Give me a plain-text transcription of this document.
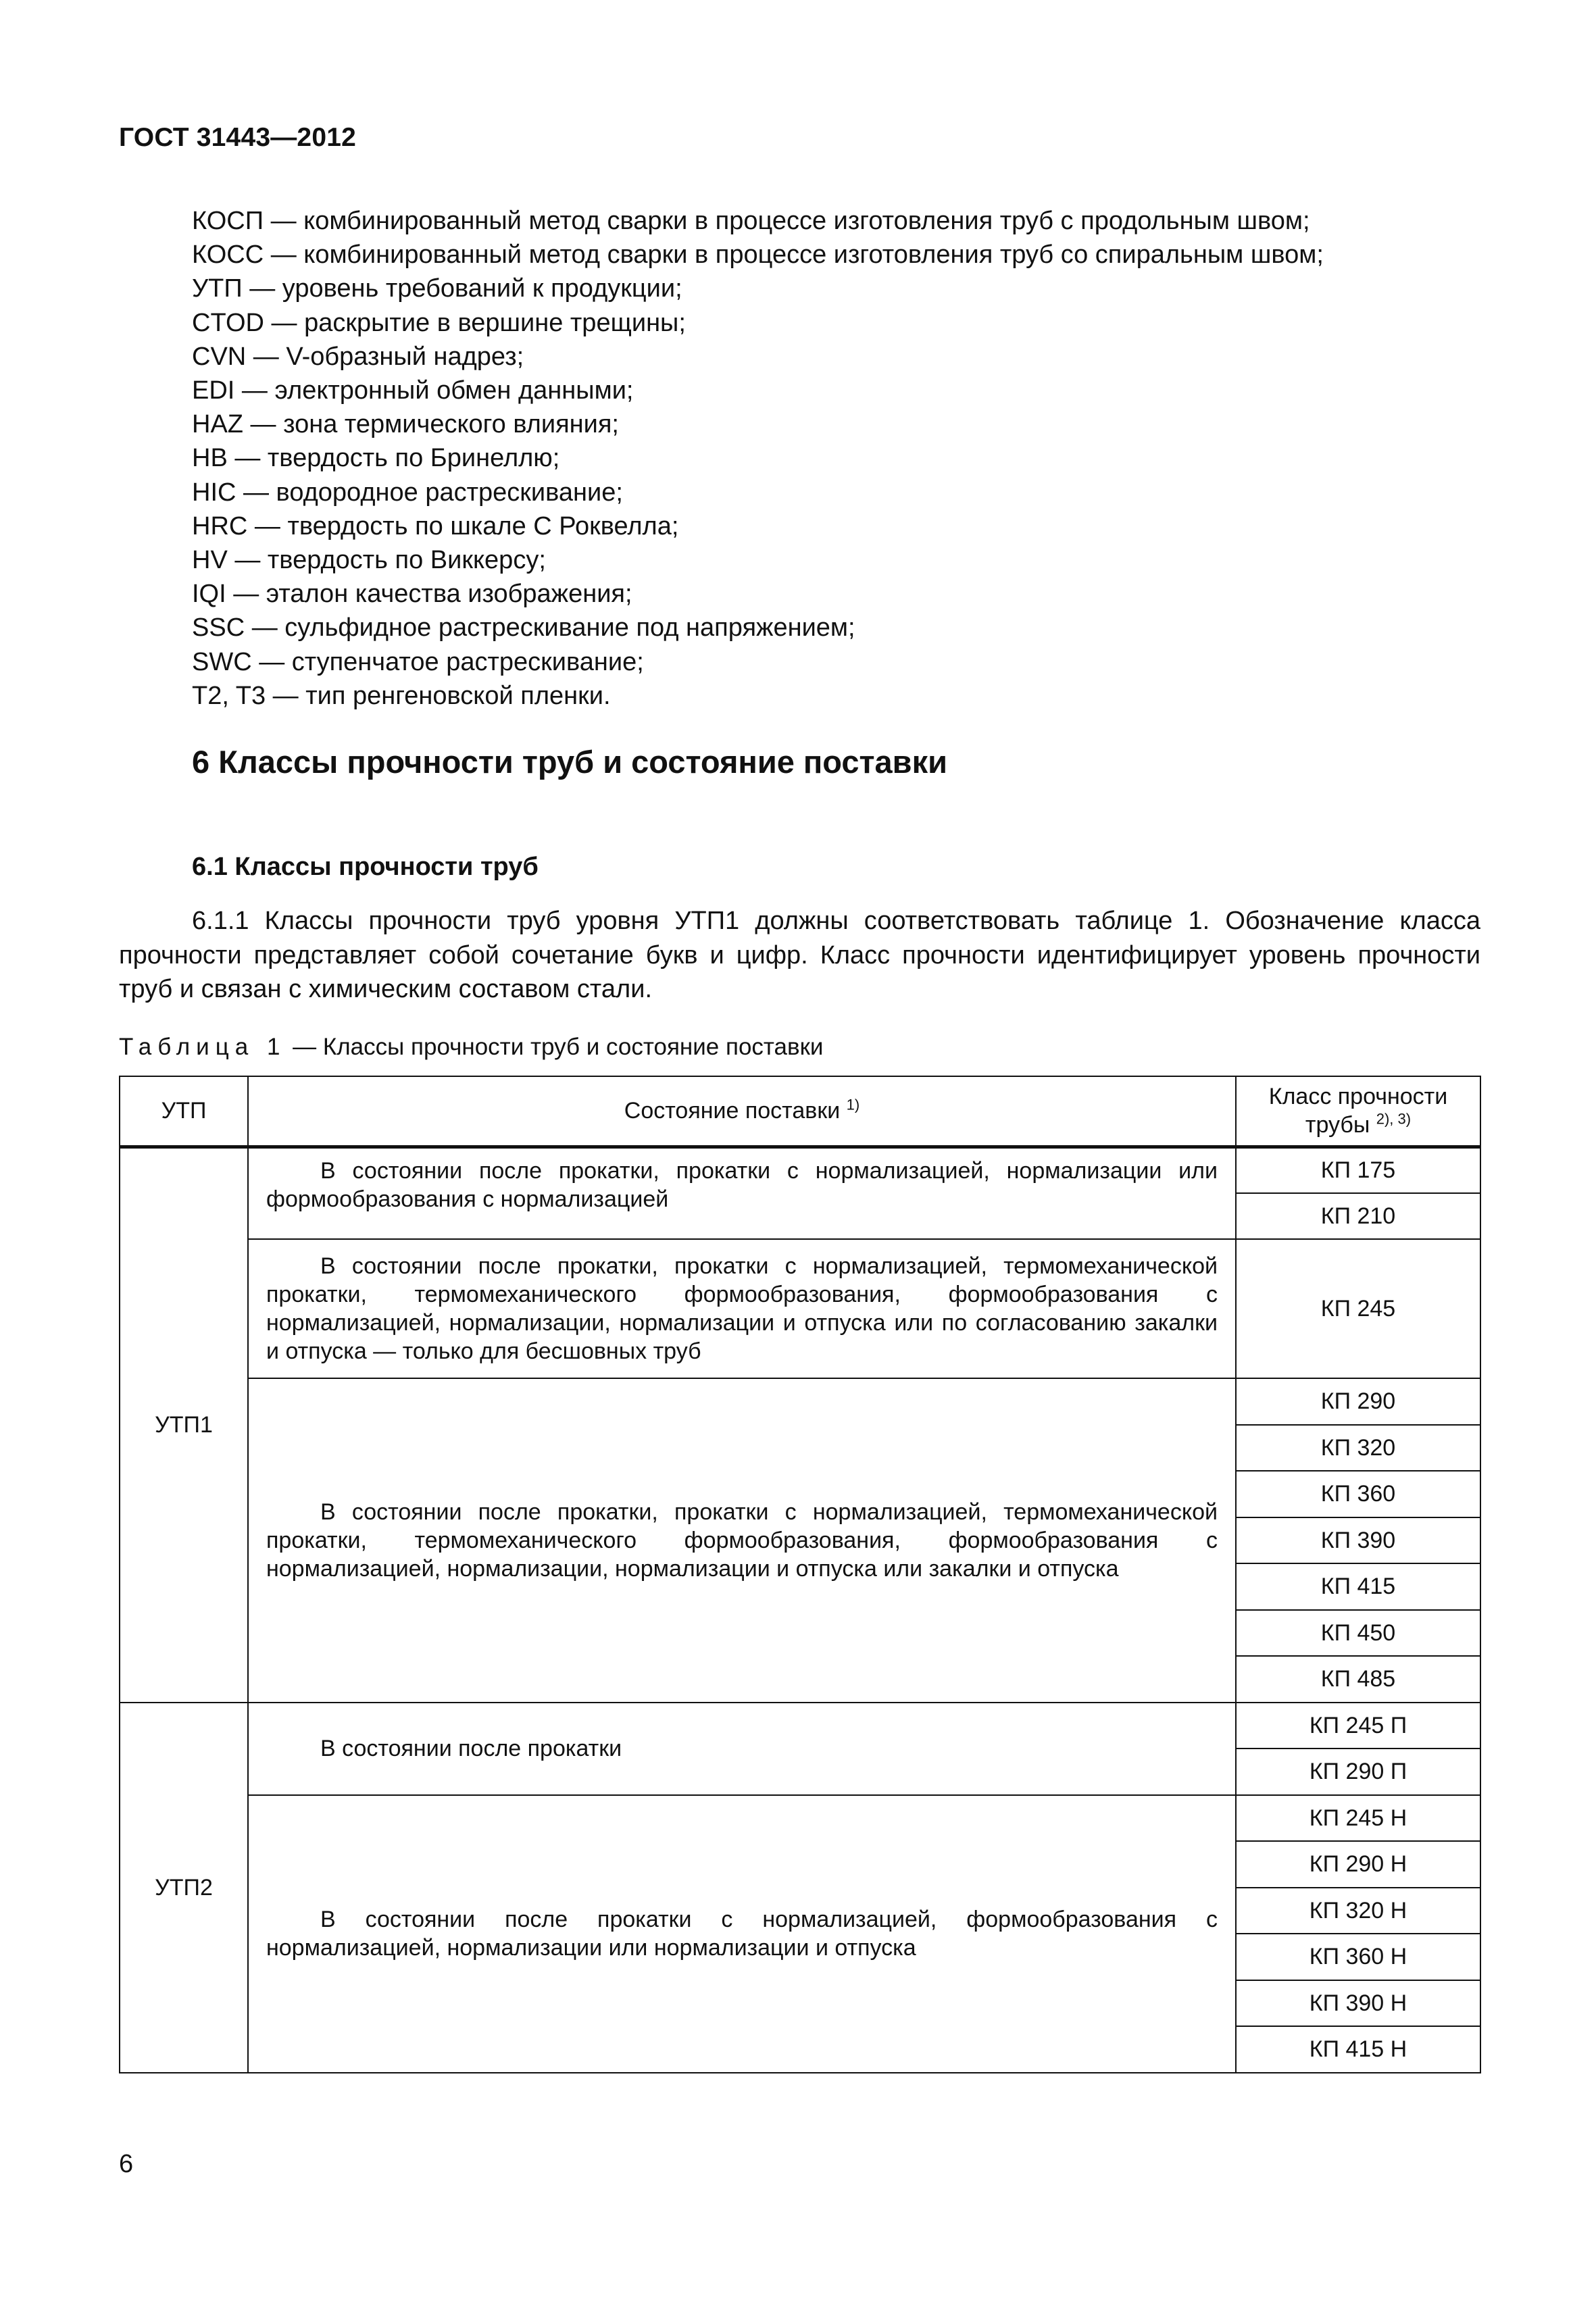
ГОСТ 31443—2012
КОСП — комбинированный метод сварки в процессе изготовления труб с продольным швом;
КОСС — комбинированный метод сварки в процессе изготовления труб со спиральным швом;
УТП — уровень требований к продукции;
CTOD — раскрытие в вершине трещины;
CVN — V-образный надрез;
EDI — электронный обмен данными;
HAZ — зона термического влияния;
HB — твердость по Бринеллю;
HIC — водородное растрескивание;
HRC — твердость по шкале С Роквелла;
HV — твердость по Виккерсу;
IQI — эталон качества изображения;
SSC — сульфидное растрескивание под напряжением;
SWC — ступенчатое растрескивание;
T2, T3 — тип ренгеновской пленки.
6 Классы прочности труб и состояние поставки
6.1 Классы прочности труб

6.1.1 Классы прочности труб уровня УТП1 должны соответствовать таблице 1. Обозначение класса прочности представляет собой сочетание букв и цифр. Класс прочности идентифицирует уровень прочности труб и связан с химическим составом стали.

Таблица 1 — Классы прочности труб и состояние поставки
УТП	Состояние поставки $^{1)}$	Класс прочности
трубы $^{2), 3)}$
УТП1	В состоянии после прокатки, прокатки с нормализацией, нормализации или формообразования с нормализацией	КП 175
		КП 210

	В состоянии после прокатки, прокатки с нормализацией, термомеханической прокатки, термомеханического формообразования, формообразования с нормализацией, нормализации, нормализации и отпуска или по согласованию закалки и отпуска — только для бесшовных труб	КП 245

	В состоянии после прокатки, прокатки с нормализацией, термомеханической прокатки, термомеханического формообразования, формообразования с нормализацией, нормализации, нормализации и отпуска или закалки и отпуска	КП 290
		КП 320
		КП 360
		КП 390
		КП 415
		КП 450
		КП 485
УТП2	В состоянии после прокатки	КП 245 П
		КП 290 П

	В состоянии после прокатки с нормализацией, формообразования с нормализацией, нормализации или нормализации и отпуска	КП 245 Н
		КП 290 Н
		КП 320 Н
		КП 360 Н
		КП 390 Н
		КП 415 Н
6
